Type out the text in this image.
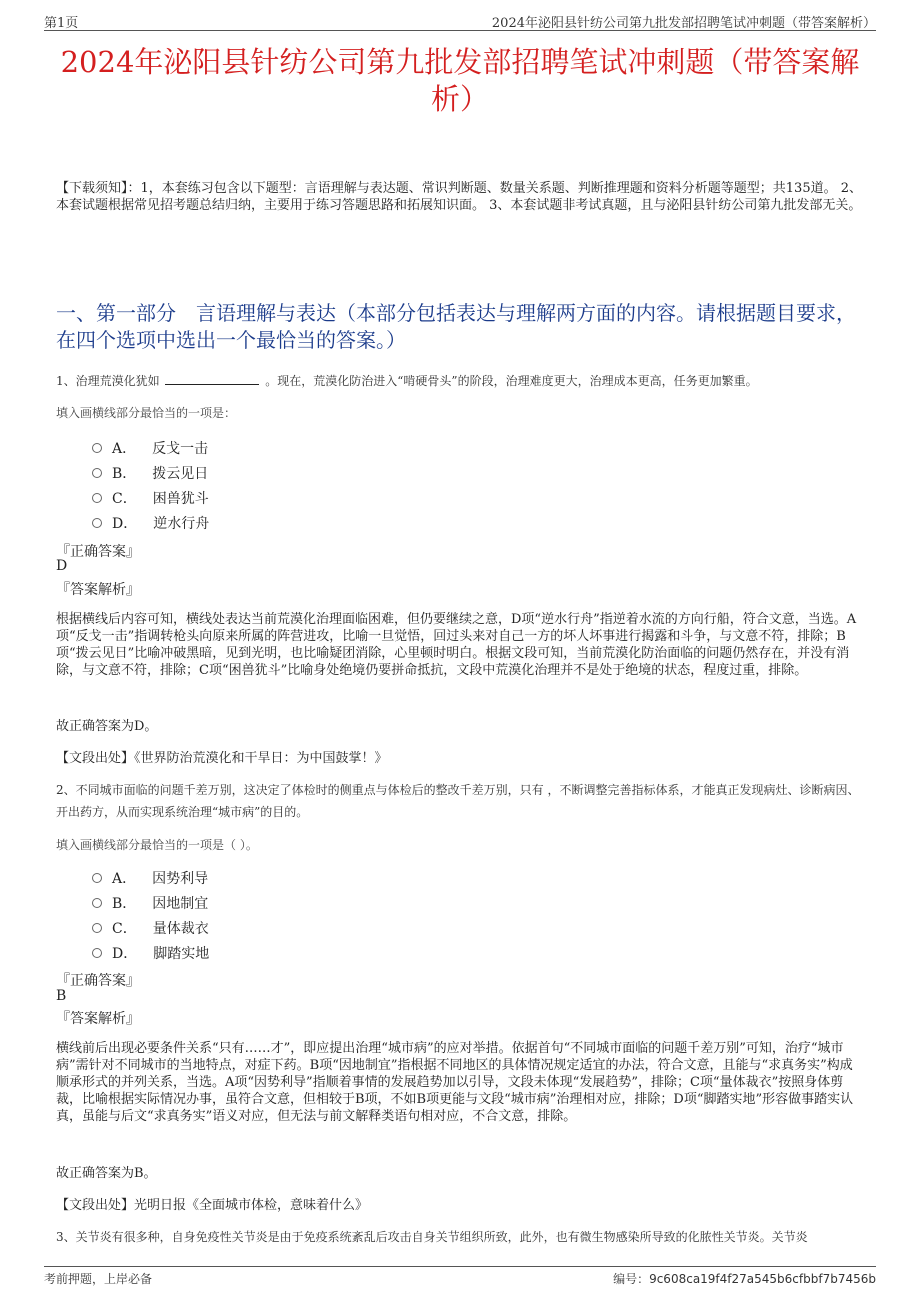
第1页	2024年泌阳县针纺公司第九批发部招聘笔试冲刺题（带答案解析）
2024年泌阳县针纺公司第九批发部招聘笔试冲刺题（带答案解析）
【下载须知】：1，本套练习包含以下题型：言语理解与表达题、常识判断题、数量关系题、判断推理题和资料分析题等题型；共135道。 2、本套试题根据常见招考题总结归纳，主要用于练习答题思路和拓展知识面。 3、本套试题非考试真题，且与泌阳县针纺公司第九批发部无关。
一、第一部分　言语理解与表达（本部分包括表达与理解两方面的内容。请根据题目要求，在四个选项中选出一个最恰当的答案。）
1、治理荒漠化犹如	。现在，荒漠化防治进入“啃硬骨头”的阶段，治理难度更大，治理成本更高，任务更加繁重。
填入画横线部分最恰当的一项是：
A． 反戈一击
B． 拨云见日
C． 困兽犹斗
D． 逆水行舟
『正确答案』
D
『答案解析』
根据横线后内容可知，横线处表达当前荒漠化治理面临困难，但仍要继续之意，D项“逆水行舟”指逆着水流的方向行船，符合文意，当选。A项“反戈一击”指调转枪头向原来所属的阵营进攻，比喻一旦觉悟，回过头来对自己一方的坏人坏事进行揭露和斗争，与文意不符，排除；B项“拨云见日”比喻冲破黑暗，见到光明，也比喻疑团消除，心里顿时明白。根据文段可知，当前荒漠化防治面临的问题仍然存在，并没有消除，与文意不符，排除；C项“困兽犹斗”比喻身处绝境仍要拼命抵抗，文段中荒漠化治理并不是处于绝境的状态，程度过重，排除。
故正确答案为D。
【文段出处】《世界防治荒漠化和干旱日：为中国鼓掌！》
2、不同城市面临的问题千差万别，这决定了体检时的侧重点与体检后的整改千差万别，只有 ，不断调整完善指标体系，才能真正发现病灶、诊断病因、开出药方，从而实现系统治理“城市病”的目的。
填入画横线部分最恰当的一项是（ ）。
A． 因势利导
B． 因地制宜
C． 量体裁衣
D． 脚踏实地
『正确答案』
B
『答案解析』
横线前后出现必要条件关系“只有……才”，即应提出治理“城市病”的应对举措。依据首句“不同城市面临的问题千差万别”可知，治疗“城市病”需针对不同城市的当地特点，对症下药。B项“因地制宜”指根据不同地区的具体情况规定适宜的办法，符合文意，且能与“求真务实”构成顺承形式的并列关系，当选。A项“因势利导”指顺着事情的发展趋势加以引导，文段未体现“发展趋势”，排除；C项“量体裁衣”按照身体剪裁，比喻根据实际情况办事，虽符合文意，但相较于B项，不如B项更能与文段“城市病”治理相对应，排除；D项“脚踏实地”形容做事踏实认真，虽能与后文“求真务实”语义对应，但无法与前文解释类语句相对应，不合文意，排除。
故正确答案为B。
【文段出处】光明日报《全面城市体检，意味着什么》
3、关节炎有很多种，自身免疫性关节炎是由于免疫系统紊乱后攻击自身关节组织所致，此外，也有微生物感染所导致的化脓性关节炎。关节炎
考前押题，上岸必备	编号：9c608ca19f4f27a545b6cfbbf7b7456b
